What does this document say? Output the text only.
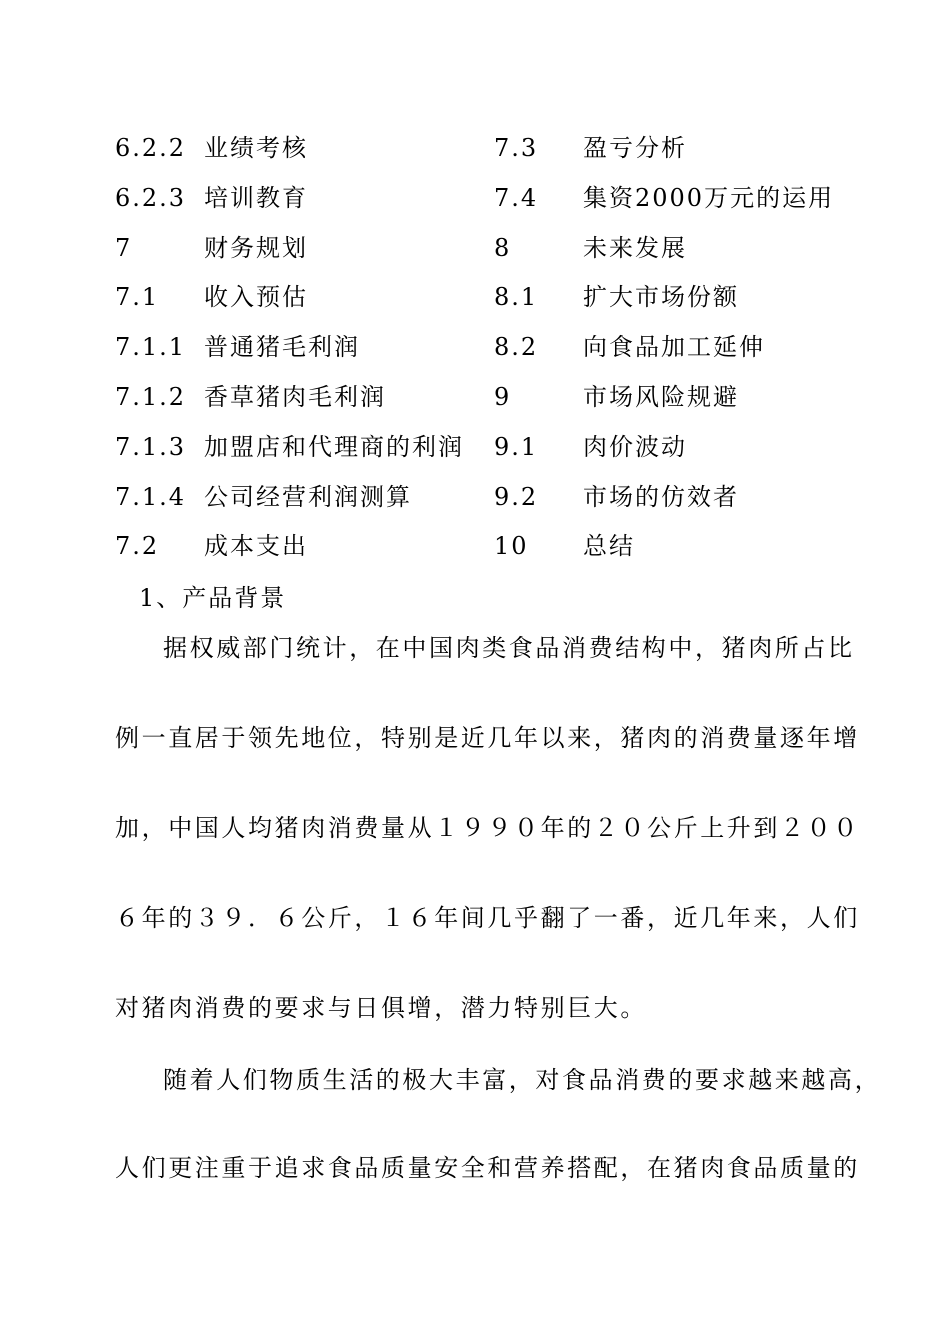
6.2.2 业绩考核	7.3 盈亏分析
6.2.3 培训教育	7.4 集资2000万元的运用
7	财务规划	8	未来发展
7.1 收入预估	8.1 扩大市场份额
7.1.1 普通猪毛利润	8.2 向食品加工延伸
7.1.2 香草猪肉毛利润	9	市场风险规避
7.1.3 加盟店和代理商的利润 9.1 肉价波动
7.1.4 公司经营利润测算	9.2 市场的仿效者
7.2 成本支出	10 总结
1、产品背景
据权威部门统计，在中国肉类食品消费结构中，猪肉所占比
例一直居于领先地位，特别是近几年以来，猪肉的消费量逐年增
加，中国人均猪肉消费量从１９９０年的２０公斤上升到２００
６年的３９．６公斤，１６年间几乎翻了一番，近几年来，人们
对猪肉消费的要求与日俱增，潜力特别巨大。
随着人们物质生活的极大丰富，对食品消费的要求越来越高，
人们更注重于追求食品质量安全和营养搭配，在猪肉食品质量的
